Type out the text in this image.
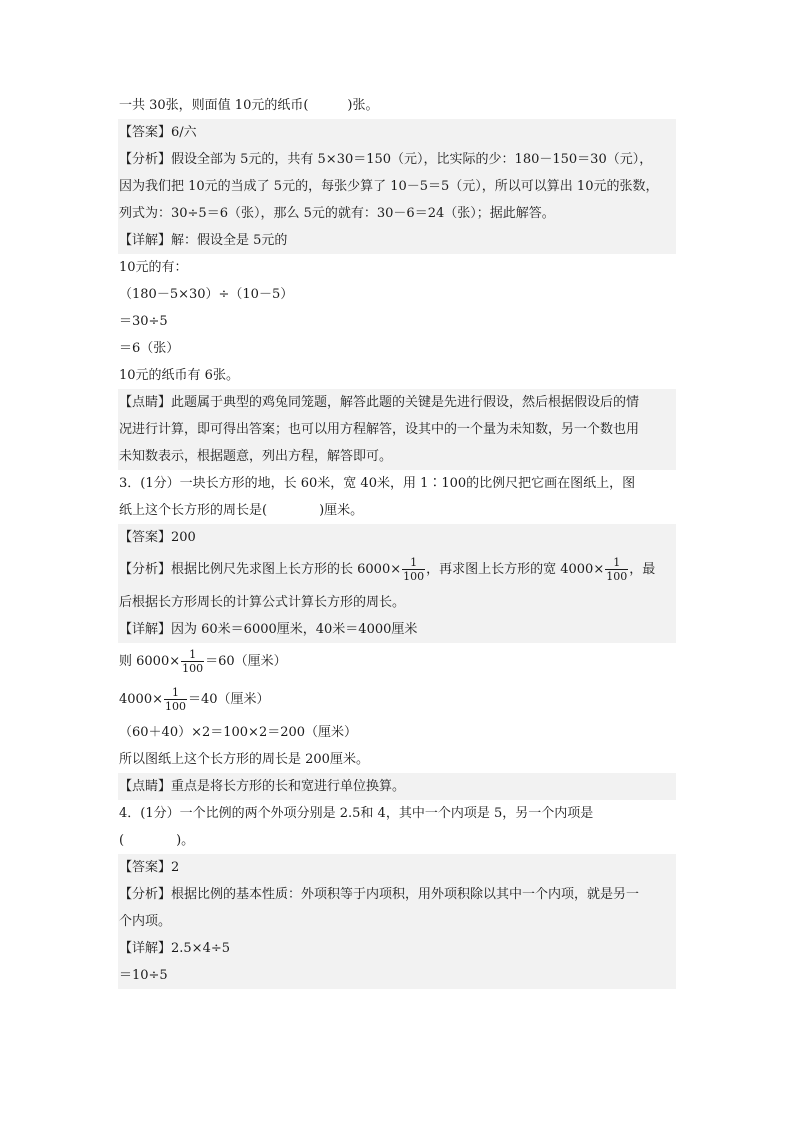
一共 30张，则面值 10元的纸币(　　　)张。
【答案】6/六
【分析】假设全部为 5元的，共有 5×30＝150（元），比实际的少：180－150＝30（元），
因为我们把 10元的当成了 5元的，每张少算了 10－5＝5（元），所以可以算出 10元的张数，
列式为：30÷5＝6（张），那么 5元的就有：30－6＝24（张）；据此解答。
【详解】解：假设全是 5元的
10元的有：
（180－5×30）÷（10－5）
＝30÷5
＝6（张）
10元的纸币有 6张。
【点睛】此题属于典型的鸡兔同笼题，解答此题的关键是先进行假设，然后根据假设后的情
况进行计算，即可得出答案；也可以用方程解答，设其中的一个量为未知数，另一个数也用
未知数表示，根据题意，列出方程，解答即可。
3．(1分）一块长方形的地，长 60米，宽 40米，用 1∶100的比例尺把它画在图纸上，图
纸上这个长方形的周长是(　　　　)厘米。
【答案】200
【分析】根据比例尺先求图上长方形的长 $6000\times \frac{1}{100}$ ，再求图上长方形的宽 $4000\times \frac{1}{100}$ ，最
后根据长方形周长的计算公式计算长方形的周长。
【详解】因为 60米＝6000厘米，40米＝4000厘米
则 $6000\times \frac{1}{100} =60$（厘米）
$4000\times \frac{1}{100} =40$（厘米）
（60＋40）×2＝100×2＝200（厘米）
所以图纸上这个长方形的周长是 200厘米。
【点睛】重点是将长方形的长和宽进行单位换算。
4．(1分）一个比例的两个外项分别是 2.5和 4，其中一个内项是 5，另一个内项是
(　　　　)。
【答案】2
【分析】根据比例的基本性质：外项积等于内项积，用外项积除以其中一个内项，就是另一
个内项。
【详解】2.5×4÷5
＝10÷5
